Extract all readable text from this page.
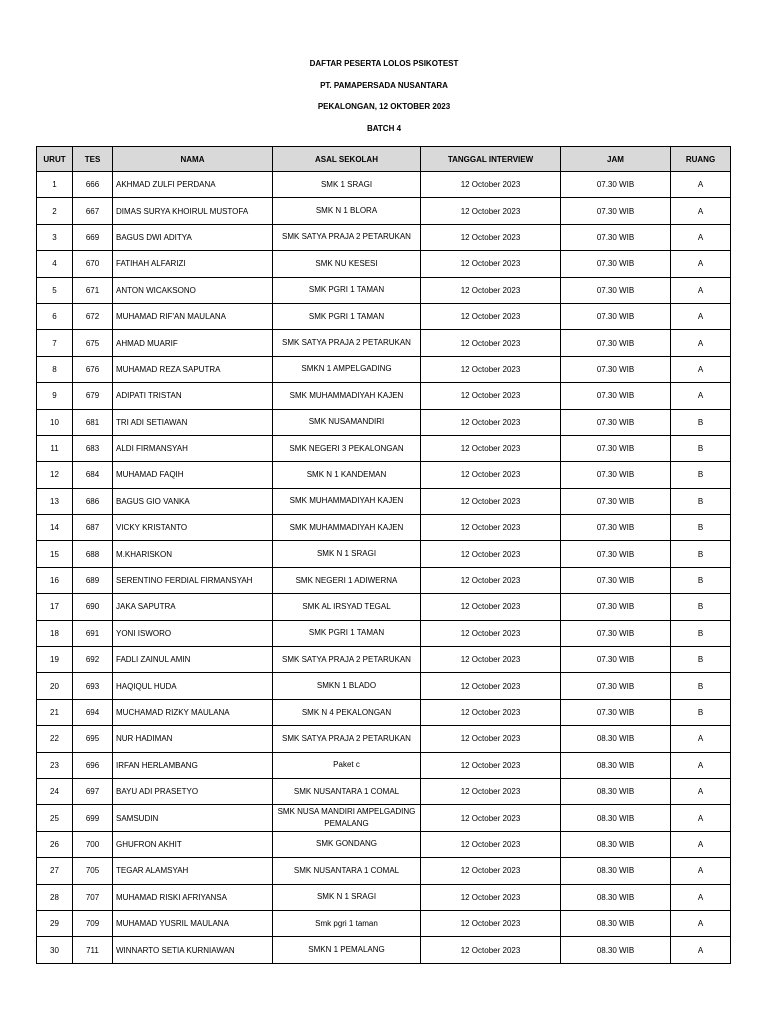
DAFTAR PESERTA LOLOS PSIKOTEST
PT. PAMAPERSADA NUSANTARA
PEKALONGAN, 12 OKTOBER 2023
BATCH 4
URUT	TES	NAMA	ASAL SEKOLAH	TANGGAL INTERVIEW	JAM	RUANG
1	666	AKHMAD ZULFI PERDANA	SMK 1 SRAGI	12 October 2023	07.30 WIB	A
2	667	DIMAS SURYA KHOIRUL MUSTOFA	SMK N 1 BLORA	12 October 2023	07.30 WIB	A
3	669	BAGUS DWI ADITYA	SMK SATYA PRAJA 2 PETARUKAN	12 October 2023	07.30 WIB	A
4	670	FATIHAH ALFARIZI	SMK NU KESESI	12 October 2023	07.30 WIB	A
5	671	ANTON WICAKSONO	SMK PGRI 1 TAMAN	12 October 2023	07.30 WIB	A
6	672	MUHAMAD RIF'AN MAULANA	SMK PGRI 1 TAMAN	12 October 2023	07.30 WIB	A
7	675	AHMAD MUARIF	SMK SATYA PRAJA 2 PETARUKAN	12 October 2023	07.30 WIB	A
8	676	MUHAMAD REZA SAPUTRA	SMKN 1 AMPELGADING	12 October 2023	07.30 WIB	A
9	679	ADIPATI TRISTAN	SMK MUHAMMADIYAH KAJEN	12 October 2023	07.30 WIB	A
10	681	TRI ADI SETIAWAN	SMK NUSAMANDIRI	12 October 2023	07.30 WIB	B
11	683	ALDI FIRMANSYAH	SMK NEGERI 3 PEKALONGAN	12 October 2023	07.30 WIB	B
12	684	MUHAMAD FAQIH	SMK N 1 KANDEMAN	12 October 2023	07.30 WIB	B
13	686	BAGUS GIO VANKA	SMK MUHAMMADIYAH KAJEN	12 October 2023	07.30 WIB	B
14	687	VICKY KRISTANTO	SMK MUHAMMADIYAH KAJEN	12 October 2023	07.30 WIB	B
15	688	M.KHARISKON	SMK N 1 SRAGI	12 October 2023	07.30 WIB	B
16	689	SERENTINO FERDIAL FIRMANSYAH	SMK NEGERI 1 ADIWERNA	12 October 2023	07.30 WIB	B
17	690	JAKA SAPUTRA	SMK AL IRSYAD TEGAL	12 October 2023	07.30 WIB	B
18	691	YONI ISWORO	SMK PGRI 1 TAMAN	12 October 2023	07.30 WIB	B
19	692	FADLI ZAINUL AMIN	SMK SATYA PRAJA 2 PETARUKAN	12 October 2023	07.30 WIB	B
20	693	HAQIQUL HUDA	SMKN 1 BLADO	12 October 2023	07.30 WIB	B
21	694	MUCHAMAD RIZKY MAULANA	SMK N 4 PEKALONGAN	12 October 2023	07.30 WIB	B
22	695	NUR HADIMAN	SMK SATYA PRAJA 2 PETARUKAN	12 October 2023	08.30 WIB	A
23	696	IRFAN HERLAMBANG	Paket c	12 October 2023	08.30 WIB	A
24	697	BAYU ADI PRASETYO	SMK NUSANTARA 1 COMAL	12 October 2023	08.30 WIB	A
25	699	SAMSUDIN	SMK NUSA MANDIRI AMPELGADING PEMALANG	12 October 2023	08.30 WIB	A
26	700	GHUFRON AKHIT	SMK GONDANG	12 October 2023	08.30 WIB	A
27	705	TEGAR ALAMSYAH	SMK NUSANTARA 1 COMAL	12 October 2023	08.30 WIB	A
28	707	MUHAMAD RISKI AFRIYANSA	SMK N 1 SRAGI	12 October 2023	08.30 WIB	A
29	709	MUHAMAD YUSRIL MAULANA	Smk pgri 1 taman	12 October 2023	08.30 WIB	A
30	711	WINNARTO SETIA KURNIAWAN	SMKN 1 PEMALANG	12 October 2023	08.30 WIB	A
